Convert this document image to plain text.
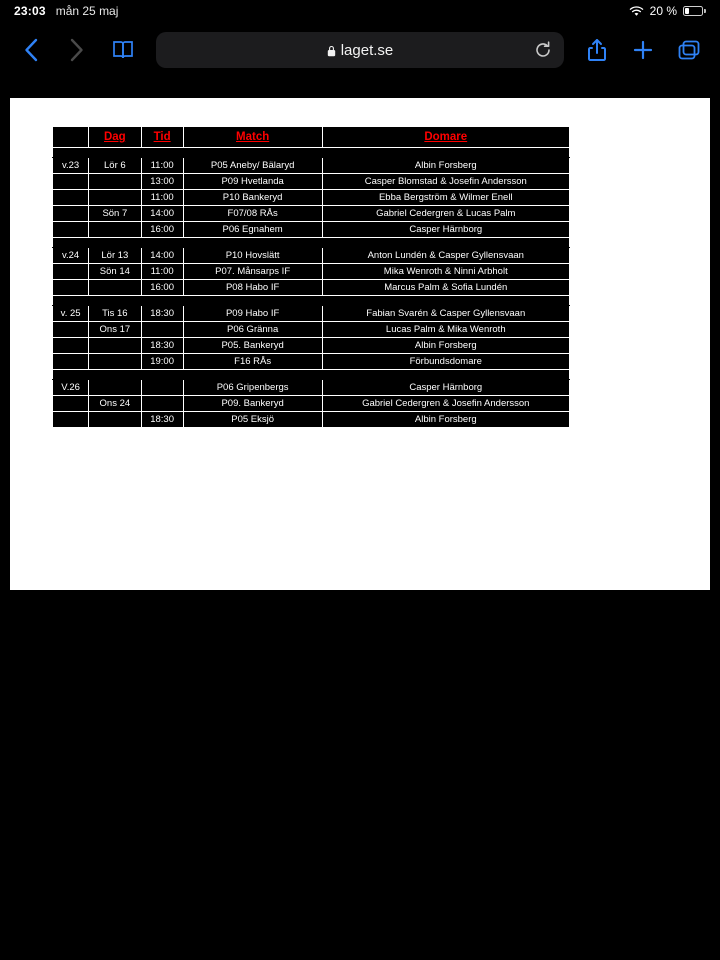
23:03 mån 25 maj	20 %
laget.se
	Dag	Tid	Match	Domare

v.23	Lör 6	11:00	P05 Aneby/ Bälaryd	Albin Forsberg
		13:00	P09 Hvetlanda	Casper Blomstad & Josefin Andersson
		11:00	P10 Bankeryd	Ebba Bergström & Wilmer Enell
	Sön 7	14:00	F07/08 RÅs	Gabriel Cedergren & Lucas Palm
		16:00	P06 Egnahem	Casper Härnborg

v.24	Lör 13	14:00	P10 Hovslätt	Anton Lundén & Casper Gyllensvaan
	Sön 14	11:00	P07. Månsarps IF	Mika Wenroth & Ninni Arbholt
		16:00	P08 Habo IF	Marcus Palm & Sofia Lundén

v. 25	Tis 16	18:30	P09 Habo IF	Fabian Svarén & Casper Gyllensvaan
	Ons 17		P06 Gränna	Lucas Palm & Mika Wenroth
		18:30	P05. Bankeryd	Albin Forsberg
		19:00	F16 RÅs	Förbundsdomare

V.26			P06 Gripenbergs	Casper Härnborg
	Ons 24		P09. Bankeryd	Gabriel Cedergren & Josefin Andersson
		18:30	P05 Eksjö	Albin Forsberg
